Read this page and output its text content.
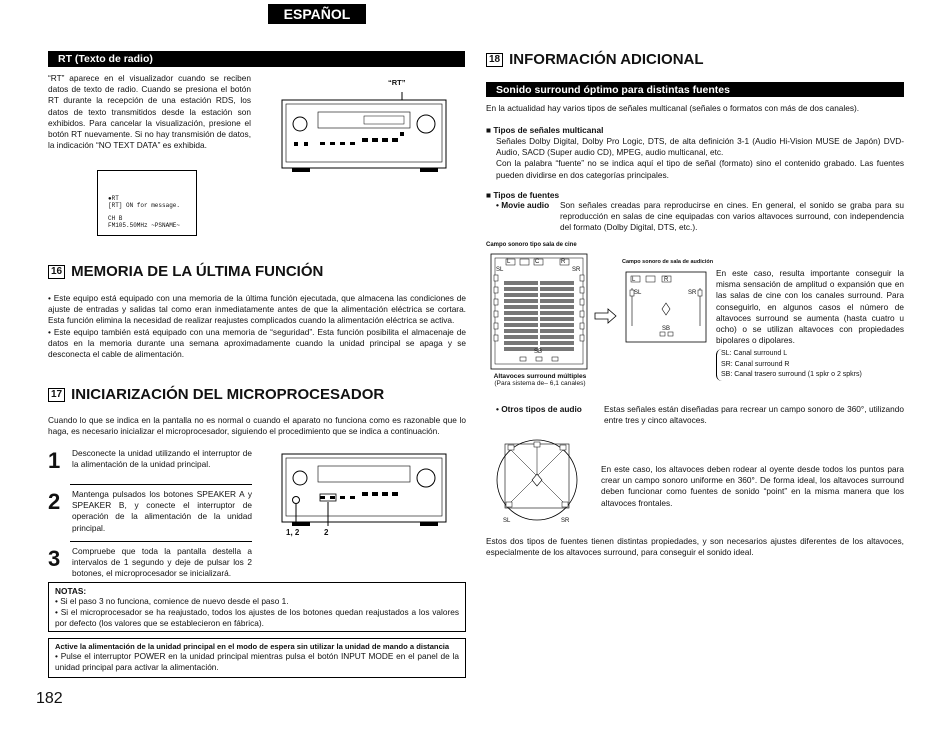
ESPAÑOL
RT (Texto de radio)
“RT” aparece en el visualizador cuando se reciben datos de texto de radio. Cuando se presiona el botón RT durante la recepción de una estación RDS, los datos de texto transmitidos desde la estación son exhibidos. Para cancelar la visualización, presione el botón RT nuevamente. Si no hay transmisión de datos, la indicación “NO TEXT DATA” es exhibida.
“RT”
●RT
[RT] ON for message.
CH B
FM105.50MHz ~PSNAME~
16 MEMORIA DE LA ÚLTIMA FUNCIÓN
• Este equipo está equipado con una memoria de la última función ejecutada, que almacena las condiciones de ajuste de entradas y salidas tal como eran inmediatamente antes de que la alimentación eléctrica se cortara. Esta función elimina la necesidad de realizar reajustes complicados cuando la alimentación eléctrica se activa.
• Este equipo también está equipado con una memoria de “seguridad”. Esta función posibilita el almacenaje de datos en la memoria durante una semana aproximadamente cuando la unidad principal se apaga y se desconecta el cable de alimentación.
17 INICIARIZACIÓN DEL MICROPROCESADOR
Cuando lo que se indica en la pantalla no es normal o cuando el aparato no funciona como es razonable que lo haga, es necesario inicializar el microprocesador, siguiendo el procedimiento que se indica a continuación.
1	Desconecte la unidad utilizando el interruptor de la alimentación de la unidad principal.
2	Mantenga pulsados los botones SPEAKER A y SPEAKER B, y conecte el interruptor de operación de la alimentación de la unidad principal.
3	Compruebe que toda la pantalla destella a intervalos de 1 segundo y deje de pulsar los 2 botones, el microprocesador se inicializará.
1, 2	2
NOTAS:
• Si el paso 3 no funciona, comience de nuevo desde el paso 1.
• Si el microprocesador se ha reajustado, todos los ajustes de los botones quedan reajustados a los valores por defecto (los valores que se establecieron en fábrica).
Active la alimentación de la unidad principal en el modo de espera sin utilizar la unidad de mando a distancia
• Pulse el interruptor POWER en la unidad principal mientras pulsa el botón INPUT MODE en el panel de la unidad principal para activar la alimentación.
182
18 INFORMACIÓN ADICIONAL
Sonido surround óptimo para distintas fuentes
En la actualidad hay varios tipos de señales multicanal (señales o formatos con más de dos canales).
■ Tipos de señales multicanal
Señales Dolby Digital, Dolby Pro Logic, DTS, de alta definición 3-1 (Audio Hi-Vision MUSE de Japón) DVD-Audio, SACD (Super audio CD), MPEG, audio multicanal, etc.
Con la palabra “fuente” no se indica aquí el tipo de señal (formato) sino el contenido grabado. Las fuentes pueden dividirse en dos categorías principales.
■ Tipos de fuentes
• Movie audio Son señales creadas para reproducirse en cines. En general, el sonido se graba para su reproducción en salas de cine equipadas con varios altavoces surround, con independencia del formato (Dolby Digital, DTS, etc.).
Campo sonoro tipo sala de cine
L	C	R
SL	SR
SB
Altavoces surround múltiples
(Para sistema de– 6,1 canales)
Campo sonoro de sala de audición
L	R
SL	SR
SB
En este caso, resulta importante conseguir la misma sensación de amplitud o expansión que en las salas de cine con los canales surround. Para conseguirlo, en algunos casos el número de altavoces surround se aumenta (hasta cuatro u ocho) o se utilizan altavoces con propiedades bipolares o dipolares.
SL: Canal surround L
SR: Canal surround R
SB: Canal trasero surround (1 spkr o 2 spkrs)
• Otros tipos de audio	Estas señales están diseñadas para recrear un campo sonoro de 360°, utilizando entre tres y cinco altavoces.
SL	SR
En este caso, los altavoces deben rodear al oyente desde todos los puntos para crear un campo sonoro uniforme en 360°. De forma ideal, los altavoces surround deben funcionar como fuentes de sonido “point” en la misma manera que los altavoces frontales.
Estos dos tipos de fuentes tienen distintas propiedades, y son necesarios ajustes diferentes de los altavoces, especialmente de los altavoces surround, para conseguir el sonido ideal.
